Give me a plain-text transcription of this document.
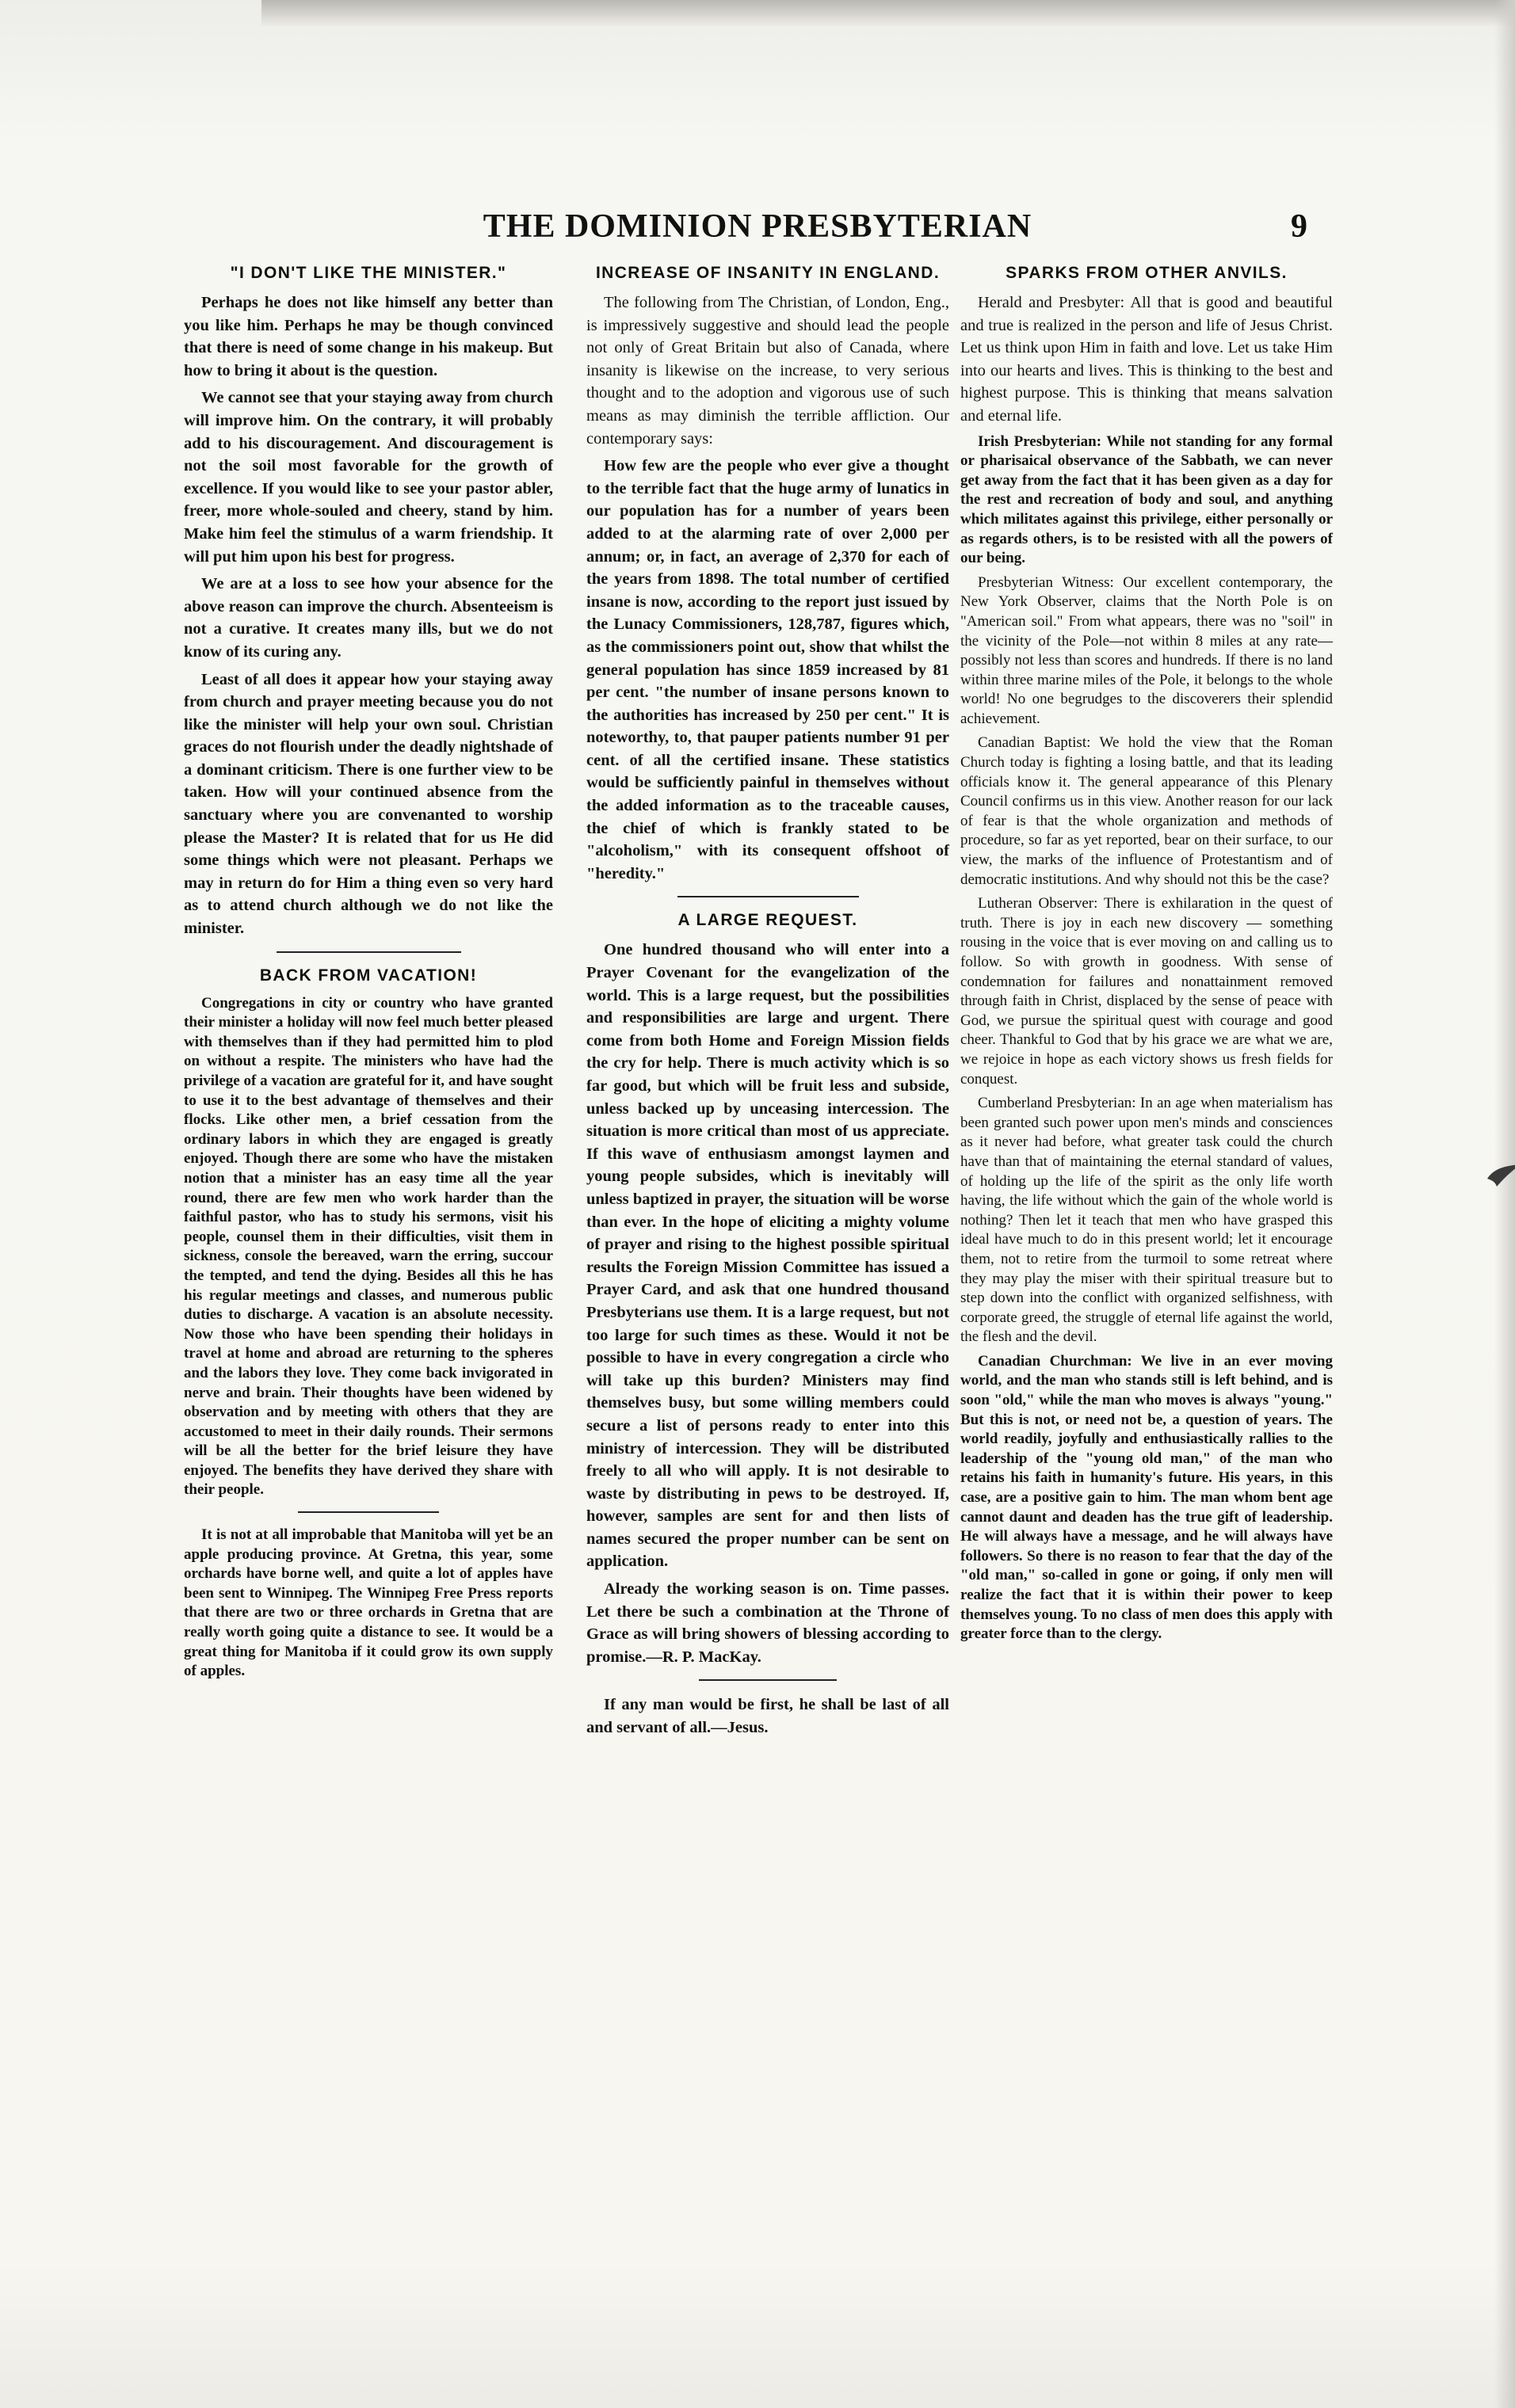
THE DOMINION PRESBYTERIAN	9
"I DON'T LIKE THE MINISTER."

Perhaps he does not like himself any better than you like him. Perhaps he may be though convinced that there is need of some change in his makeup. But how to bring it about is the question.

We cannot see that your staying away from church will improve him. On the contrary, it will probably add to his discouragement. And discouragement is not the soil most favorable for the growth of excellence. If you would like to see your pastor abler, freer, more whole-souled and cheery, stand by him. Make him feel the stimulus of a warm friendship. It will put him upon his best for progress.

We are at a loss to see how your absence for the above reason can improve the church. Absenteeism is not a curative. It creates many ills, but we do not know of its curing any.

Least of all does it appear how your staying away from church and prayer meeting because you do not like the minister will help your own soul. Christian graces do not flourish under the deadly nightshade of a dominant criticism. There is one further view to be taken. How will your continued absence from the sanctuary where you are convenanted to worship please the Master? It is related that for us He did some things which were not pleasant. Perhaps we may in return do for Him a thing even so very hard as to attend church although we do not like the minister.

BACK FROM VACATION!

Congregations in city or country who have granted their minister a holiday will now feel much better pleased with themselves than if they had permitted him to plod on without a respite. The ministers who have had the privilege of a vacation are grateful for it, and have sought to use it to the best advantage of themselves and their flocks. Like other men, a brief cessation from the ordinary labors in which they are engaged is greatly enjoyed. Though there are some who have the mistaken notion that a minister has an easy time all the year round, there are few men who work harder than the faithful pastor, who has to study his sermons, visit his people, counsel them in their difficulties, visit them in sickness, console the bereaved, warn the erring, succour the tempted, and tend the dying. Besides all this he has his regular meetings and classes, and numerous public duties to discharge. A vacation is an absolute necessity. Now those who have been spending their holidays in travel at home and abroad are returning to the spheres and the labors they love. They come back invigorated in nerve and brain. Their thoughts have been widened by observation and by meeting with others that they are accustomed to meet in their daily rounds. Their sermons will be all the better for the brief leisure they have enjoyed. The benefits they have derived they share with their people.

It is not at all improbable that Manitoba will yet be an apple producing province. At Gretna, this year, some orchards have borne well, and quite a lot of apples have been sent to Winnipeg. The Winnipeg Free Press reports that there are two or three orchards in Gretna that are really worth going quite a distance to see. It would be a great thing for Manitoba if it could grow its own supply of apples.

INCREASE OF INSANITY IN ENGLAND.

The following from The Christian, of London, Eng., is impressively suggestive and should lead the people not only of Great Britain but also of Canada, where insanity is likewise on the increase, to very serious thought and to the adoption and vigorous use of such means as may diminish the terrible affliction. Our contemporary says:

How few are the people who ever give a thought to the terrible fact that the huge army of lunatics in our population has for a number of years been added to at the alarming rate of over 2,000 per annum; or, in fact, an average of 2,370 for each of the years from 1898. The total number of certified insane is now, according to the report just issued by the Lunacy Commissioners, 128,787, figures which, as the commissioners point out, show that whilst the general population has since 1859 increased by 81 per cent. "the number of insane persons known to the authorities has increased by 250 per cent." It is noteworthy, to, that pauper patients number 91 per cent. of all the certified insane. These statistics would be sufficiently painful in themselves without the added information as to the traceable causes, the chief of which is frankly stated to be "alcoholism," with its consequent offshoot of "heredity."

A LARGE REQUEST.

One hundred thousand who will enter into a Prayer Covenant for the evangelization of the world. This is a large request, but the possibilities and responsibilities are large and urgent. There come from both Home and Foreign Mission fields the cry for help. There is much activity which is so far good, but which will be fruit less and subside, unless backed up by unceasing intercession. The situation is more critical than most of us appreciate. If this wave of enthusiasm amongst laymen and young people subsides, which is inevitably will unless baptized in prayer, the situation will be worse than ever. In the hope of eliciting a mighty volume of prayer and rising to the highest possible spiritual results the Foreign Mission Committee has issued a Prayer Card, and ask that one hundred thousand Presbyterians use them. It is a large request, but not too large for such times as these. Would it not be possible to have in every congregation a circle who will take up this burden? Ministers may find themselves busy, but some willing members could secure a list of persons ready to enter into this ministry of intercession. They will be distributed freely to all who will apply. It is not desirable to waste by distributing in pews to be destroyed. If, however, samples are sent for and then lists of names secured the proper number can be sent on application.

Already the working season is on. Time passes. Let there be such a combination at the Throne of Grace as will bring showers of blessing according to promise.—R. P. MacKay.

If any man would be first, he shall be last of all and servant of all.—Jesus.

SPARKS FROM OTHER ANVILS.

Herald and Presbyter: All that is good and beautiful and true is realized in the person and life of Jesus Christ. Let us think upon Him in faith and love. Let us take Him into our hearts and lives. This is thinking to the best and highest purpose. This is thinking that means salvation and eternal life.

Irish Presbyterian: While not standing for any formal or pharisaical observance of the Sabbath, we can never get away from the fact that it has been given as a day for the rest and recreation of body and soul, and anything which militates against this privilege, either personally or as regards others, is to be resisted with all the powers of our being.

Presbyterian Witness: Our excellent contemporary, the New York Observer, claims that the North Pole is on "American soil." From what appears, there was no "soil" in the vicinity of the Pole—not within 8 miles at any rate—possibly not less than scores and hundreds. If there is no land within three marine miles of the Pole, it belongs to the whole world! No one begrudges to the discoverers their splendid achievement.

Canadian Baptist: We hold the view that the Roman Church today is fighting a losing battle, and that its leading officials know it. The general appearance of this Plenary Council confirms us in this view. Another reason for our lack of fear is that the whole organization and methods of procedure, so far as yet reported, bear on their surface, to our view, the marks of the influence of Protestantism and of democratic institutions. And why should not this be the case?

Lutheran Observer: There is exhilaration in the quest of truth. There is joy in each new discovery — something rousing in the voice that is ever moving on and calling us to follow. So with growth in goodness. With sense of condemnation for failures and nonattainment removed through faith in Christ, displaced by the sense of peace with God, we pursue the spiritual quest with courage and good cheer. Thankful to God that by his grace we are what we are, we rejoice in hope as each victory shows us fresh fields for conquest.

Cumberland Presbyterian: In an age when materialism has been granted such power upon men's minds and consciences as it never had before, what greater task could the church have than that of maintaining the eternal standard of values, of holding up the life of the spirit as the only life worth having, the life without which the gain of the whole world is nothing? Then let it teach that men who have grasped this ideal have much to do in this present world; let it encourage them, not to retire from the turmoil to some retreat where they may play the miser with their spiritual treasure but to step down into the conflict with organized selfishness, with corporate greed, the struggle of eternal life against the world, the flesh and the devil.

Canadian Churchman: We live in an ever moving world, and the man who stands still is left behind, and is soon "old," while the man who moves is always "young." But this is not, or need not be, a question of years. The world readily, joyfully and enthusiastically rallies to the leadership of the "young old man," of the man who retains his faith in humanity's future. His years, in this case, are a positive gain to him. The man whom bent age cannot daunt and deaden has the true gift of leadership. He will always have a message, and he will always have followers. So there is no reason to fear that the day of the "old man," so-called in gone or going, if only men will realize the fact that it is within their power to keep themselves young. To no class of men does this apply with greater force than to the clergy.
